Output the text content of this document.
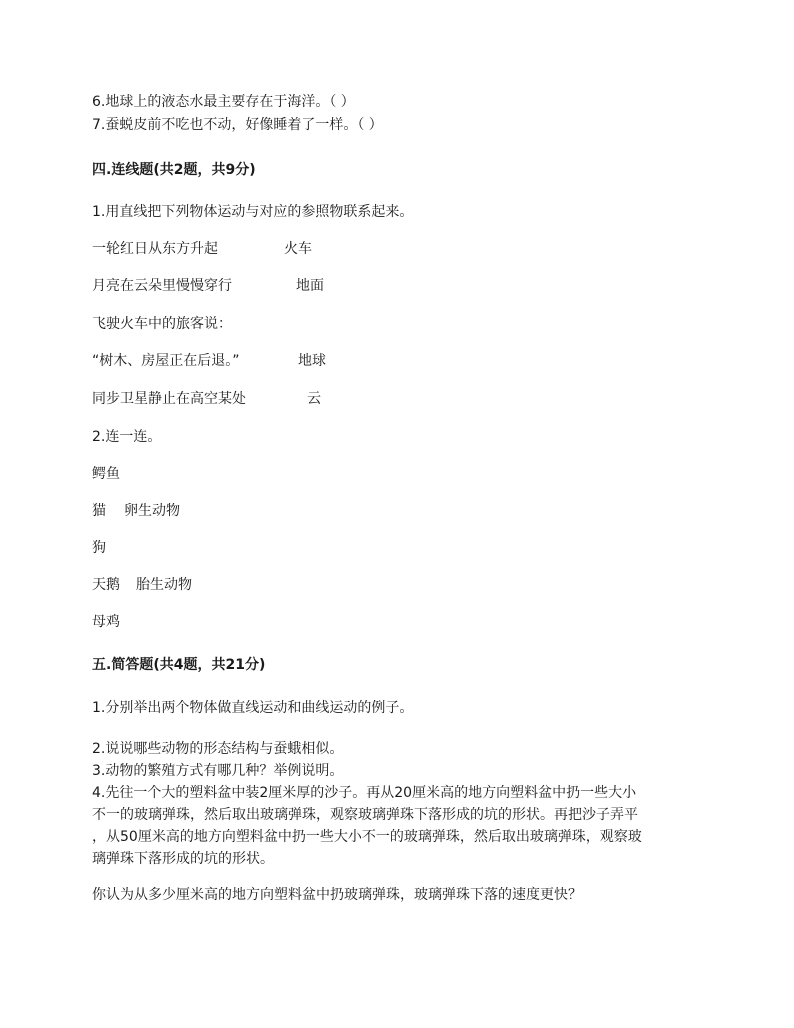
6.地球上的液态水最主要存在于海洋。（ ）
7.蚕蜕皮前不吃也不动，好像睡着了一样。（ ）
四.连线题(共2题，共9分)
1.用直线把下列物体运动与对应的参照物联系起来。
一轮红日从东方升起	火车
月亮在云朵里慢慢穿行	地面
飞驶火车中的旅客说：
“树木、房屋正在后退。”	地球
同步卫星静止在高空某处	云
2.连一连。
鳄鱼
猫 卵生动物
狗
天鹅 胎生动物
母鸡
五.简答题(共4题，共21分)
1.分别举出两个物体做直线运动和曲线运动的例子。
2.说说哪些动物的形态结构与蚕蛾相似。
3.动物的繁殖方式有哪几种？举例说明。
4.先往一个大的塑料盆中装2厘米厚的沙子。再从20厘米高的地方向塑料盆中扔一些大小
不一的玻璃弹珠，然后取出玻璃弹珠，观察玻璃弹珠下落形成的坑的形状。再把沙子弄平
，从50厘米高的地方向塑料盆中扔一些大小不一的玻璃弹珠，然后取出玻璃弹珠，观察玻
璃弹珠下落形成的坑的形状。
你认为从多少厘米高的地方向塑料盆中扔玻璃弹珠，玻璃弹珠下落的速度更快？
